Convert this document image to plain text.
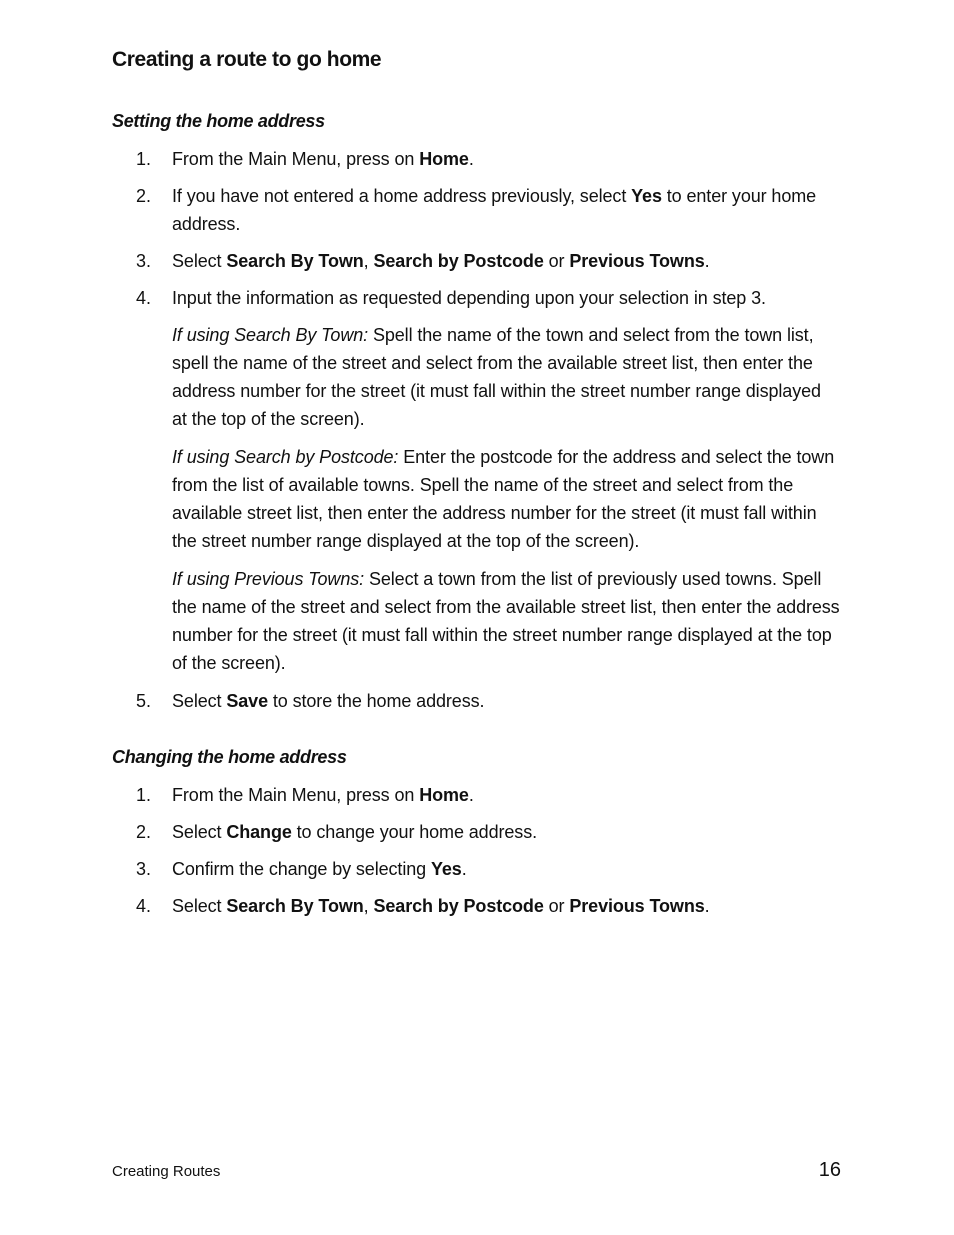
Creating a route to go home
Setting the home address
1. From the Main Menu, press on Home.
2. If you have not entered a home address previously, select Yes to enter your home address.
3. Select Search By Town, Search by Postcode or Previous Towns.
4. Input the information as requested depending upon your selection in step 3.

If using Search By Town: Spell the name of the town and select from the town list, spell the name of the street and select from the available street list, then enter the address number for the street (it must fall within the street number range displayed at the top of the screen).

If using Search by Postcode: Enter the postcode for the address and select the town from the list of available towns. Spell the name of the street and select from the available street list, then enter the address number for the street (it must fall within the street number range displayed at the top of the screen).

If using Previous Towns: Select a town from the list of previously used towns. Spell the name of the street and select from the available street list, then enter the address number for the street (it must fall within the street number range displayed at the top of the screen).

5. Select Save to store the home address.
Changing the home address
1. From the Main Menu, press on Home.
2. Select Change to change your home address.
3. Confirm the change by selecting Yes.
4. Select Search By Town, Search by Postcode or Previous Towns.
Creating Routes	16
